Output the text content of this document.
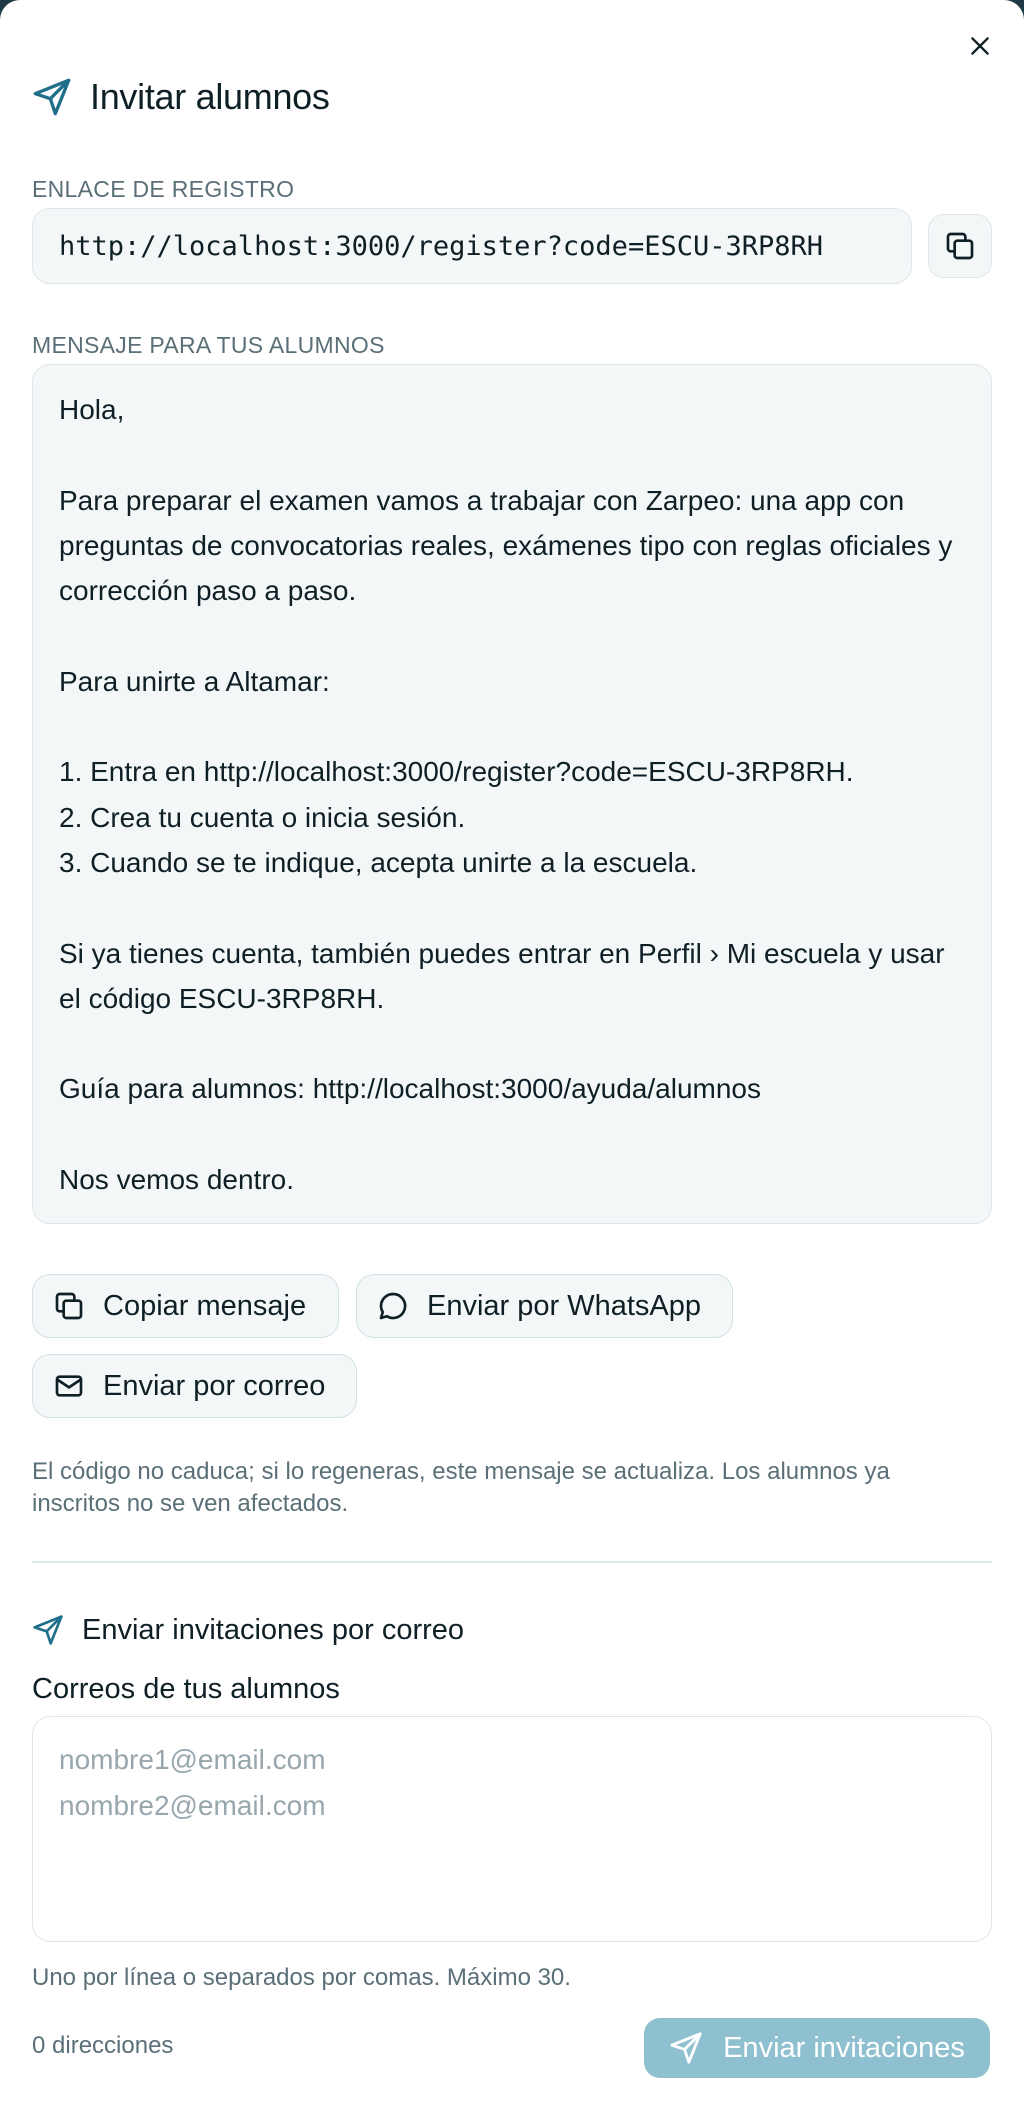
Invitar alumnos
ENLACE DE REGISTRO
http://localhost:3000/register?code=ESCU-3RP8RH
MENSAJE PARA TUS ALUMNOS
Hola,

Para preparar el examen vamos a trabajar con Zarpeo: una app con preguntas de convocatorias reales, exámenes tipo con reglas oficiales y corrección paso a paso.

Para unirte a Altamar:

1. Entra en http://localhost:3000/register?code=ESCU-3RP8RH.
2. Crea tu cuenta o inicia sesión.
3. Cuando se te indique, acepta unirte a la escuela.

Si ya tienes cuenta, también puedes entrar en Perfil › Mi escuela y usar el código ESCU-3RP8RH.

Guía para alumnos: http://localhost:3000/ayuda/alumnos

Nos vemos dentro.
Copiar mensaje	Enviar por WhatsApp
Enviar por correo
El código no caduca; si lo regeneras, este mensaje se actualiza. Los alumnos ya inscritos no se ven afectados.
Enviar invitaciones por correo
Correos de tus alumnos
nombre1@email.com nombre2@email.com
Uno por línea o separados por comas. Máximo 30.
0 direcciones	Enviar invitaciones
